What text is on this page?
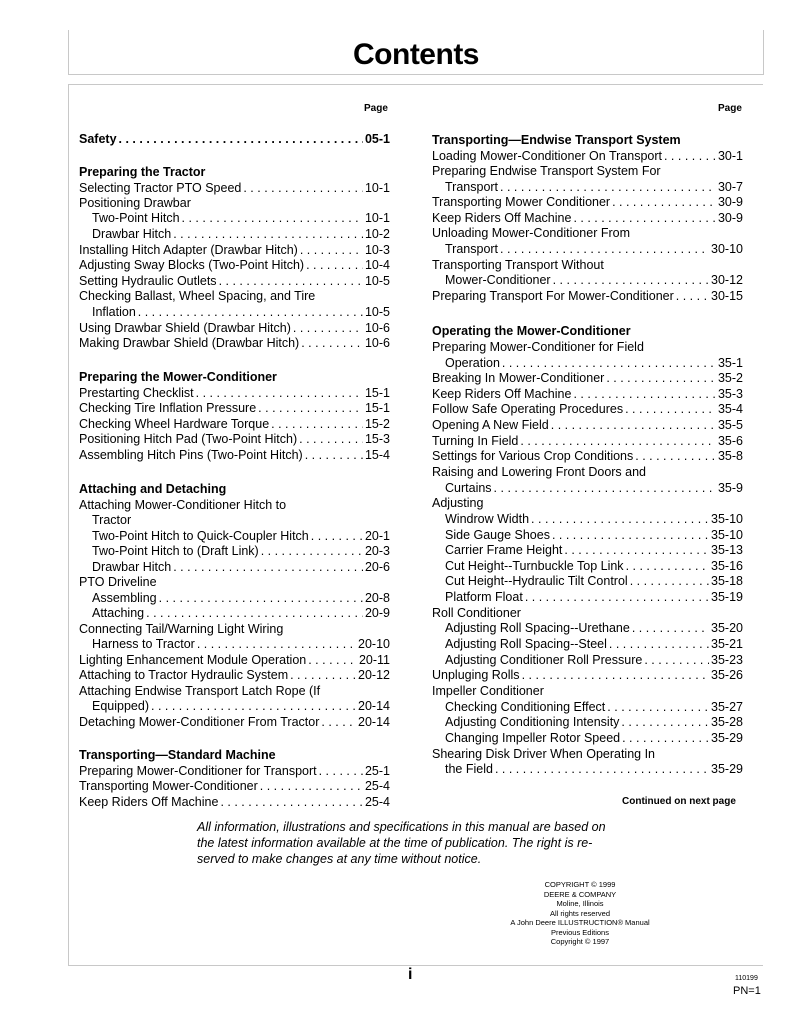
Contents
Page	Page
Safety . . .	05-1
Preparing the Tractor
Selecting Tractor PTO Speed . . .	10-1
Positioning Drawbar
Two-Point Hitch . . .	10-1
Drawbar Hitch . . .	10-2
Installing Hitch Adapter (Drawbar Hitch) . . .	10-3
Adjusting Sway Blocks (Two-Point Hitch) . . .	10-4
Setting Hydraulic Outlets . . .	10-5
Checking Ballast, Wheel Spacing, and Tire
Inflation . . .	10-5
Using Drawbar Shield (Drawbar Hitch) . . .	10-6
Making Drawbar Shield (Drawbar Hitch) . . .	10-6
Preparing the Mower-Conditioner
Prestarting Checklist . . .	15-1
Checking Tire Inflation Pressure . . .	15-1
Checking Wheel Hardware Torque . . .	15-2
Positioning Hitch Pad (Two-Point Hitch) . . .	15-3
Assembling Hitch Pins (Two-Point Hitch) . . .	15-4
Attaching and Detaching
Attaching Mower-Conditioner Hitch to
Tractor
Two-Point Hitch to Quick-Coupler Hitch . . .	20-1
Two-Point Hitch to (Draft Link) . . .	20-3
Drawbar Hitch . . .	20-6
PTO Driveline
Assembling . . .	20-8
Attaching . . .	20-9
Connecting Tail/Warning Light Wiring
Harness to Tractor . . .	20-10
Lighting Enhancement Module Operation . . .	20-11
Attaching to Tractor Hydraulic System . . .	20-12
Attaching Endwise Transport Latch Rope (If
Equipped) . . .	20-14
Detaching Mower-Conditioner From Tractor . . .	20-14
Transporting—Standard Machine
Preparing Mower-Conditioner for Transport . . .	25-1
Transporting Mower-Conditioner . . .	25-4
Keep Riders Off Machine . . .	25-4
Transporting—Endwise Transport System
Loading Mower-Conditioner On Transport . . .	30-1
Preparing Endwise Transport System For
Transport . . .	30-7
Transporting Mower Conditioner . . .	30-9
Keep Riders Off Machine . . .	30-9
Unloading Mower-Conditioner From
Transport . . .	30-10
Transporting Transport Without
Mower-Conditioner . . .	30-12
Preparing Transport For Mower-Conditioner . . .	30-15
Operating the Mower-Conditioner
Preparing Mower-Conditioner for Field
Operation . . .	35-1
Breaking In Mower-Conditioner . . .	35-2
Keep Riders Off Machine . . .	35-3
Follow Safe Operating Procedures . . .	35-4
Opening A New Field . . .	35-5
Turning In Field . . .	35-6
Settings for Various Crop Conditions . . .	35-8
Raising and Lowering Front Doors and
Curtains . . .	35-9
Adjusting
Windrow Width . . .	35-10
Side Gauge Shoes . . .	35-10
Carrier Frame Height . . .	35-13
Cut Height--Turnbuckle Top Link . . .	35-16
Cut Height--Hydraulic Tilt Control . . .	35-18
Platform Float . . .	35-19
Roll Conditioner
Adjusting Roll Spacing--Urethane . . .	35-20
Adjusting Roll Spacing--Steel . . .	35-21
Adjusting Conditioner Roll Pressure . . .	35-23
Unpluging Rolls . . .	35-26
Impeller Conditioner
Checking Conditioning Effect . . .	35-27
Adjusting Conditioning Intensity . . .	35-28
Changing Impeller Rotor Speed . . .	35-29
Shearing Disk Driver When Operating In
the Field . . .	35-29
Continued on next page
All information, illustrations and specifications in this manual are based on
the latest information available at the time of publication. The right is re-
served to make changes at any time without notice.
COPYRIGHT © 1999
DEERE & COMPANY
Moline, Illinois
All rights reserved
A John Deere ILLUSTRUCTION® Manual
Previous Editions
Copyright © 1997
i	110199
PN=1
